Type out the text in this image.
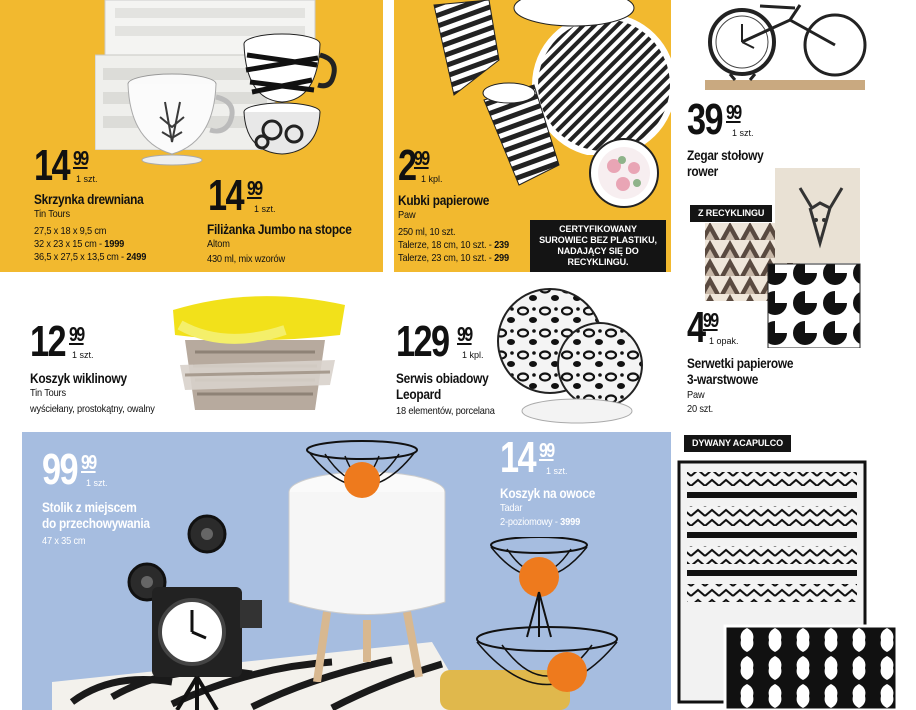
14 99
1 szt.
Skrzynka drewniana
Tin Tours
27,5 x 18 x 9,5 cm
32 x 23 x 15 cm - 1999
36,5 x 27,5 x 13,5 cm - 2499
14 99
1 szt.
Filiżanka Jumbo na stopce
Altom
430 ml, mix wzorów
2
99
1 kpl.
Kubki papierowe
Paw
250 ml, 10 szt.
Talerze, 18 cm, 10 szt. - 239
Talerze, 23 cm, 10 szt. - 299
CERTYFIKOWANY SUROWIEC BEZ PLASTIKU, NADAJĄCY SIĘ DO RECYKLINGU.
39 99
1 szt.
Zegar stołowy
rower
Z RECYKLINGU
4
99
1 opak.
Serwetki papierowe
3-warstwowe
Paw
20 szt.
12 99
1 szt.
Koszyk wiklinowy
Tin Tours
wyściełany, prostokątny, owalny
129 99
1 kpl.
Serwis obiadowy
Leopard
18 elementów, porcelana
99 99
1 szt.
Stolik z miejscem
do przechowywania
47 x 35 cm
14 99
1 szt.
Koszyk na owoce
Tadar
2-poziomowy - 3999
DYWANY ACAPULCO
